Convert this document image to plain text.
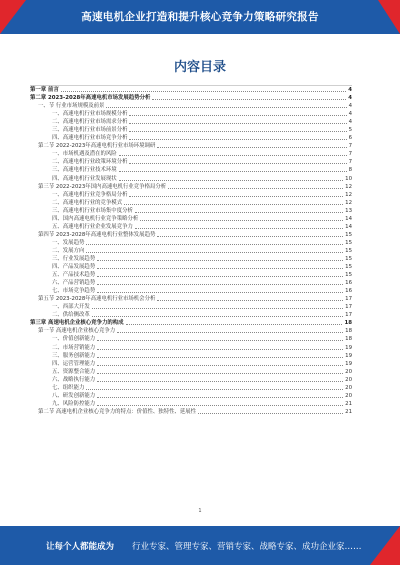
高速电机企业打造和提升核心竞争力策略研究报告
内容目录
第一章 前言	4
第二章 2023-2028年高速电机市场发展趋势分析	4
一、节 行业市场规模及前景	4
一、高速电机行业市场规模分析	4
二、高速电机行业市场需求分析	4
三、高速电机行业市场前景分析	5
四、高速电机行业市场竞争分析	6
第二节 2022-2023年高速电机行业市场环境调研	7
一、市场机遇及潜在的风险	7
二、高速电机行业政策环境分析	7
三、高速电机行业技术环境	8
四、高速电机行业发展现状	10
第三节 2022-2023年国内高速电机行业竞争格局分析	12
一、高速电机行业竞争格局分析	12
二、高速电机行业的竞争模式	12
三、高速电机行业市场集中度分析	13
四、国内高速电机行业竞争策略分析	14
五、高速电机行业企业发展竞争力	14
第四节 2023-2028年高速电机行业整体发展趋势	15
一、发展趋势	15
二、发展方向	15
三、行业发展趋势	15
四、产品发展趋势	15
五、产品技术趋势	15
六、产品营销趋势	16
七、市场竞争趋势	16
第五节 2023-2028年高速电机行业市场机会分析	17
一、西部大开发	17
二、供给侧改革	17
第三章 高速电机企业核心竞争力的构成	18
第一节 高速电机企业核心竞争力	18
一、价值创新能力	18
二、市场营销能力	19
三、服务创新能力	19
四、运营管理能力	19
五、资源整合能力	20
六、战略执行能力	20
七、组织能力	20
八、研发创新能力	20
九、风险防控能力	21
第二节 高速电机企业核心竞争力的特点：价值性、独特性、延展性	21
1
让每个人都能成为 行业专家、管理专家、营销专家、战略专家、成功企业家……
